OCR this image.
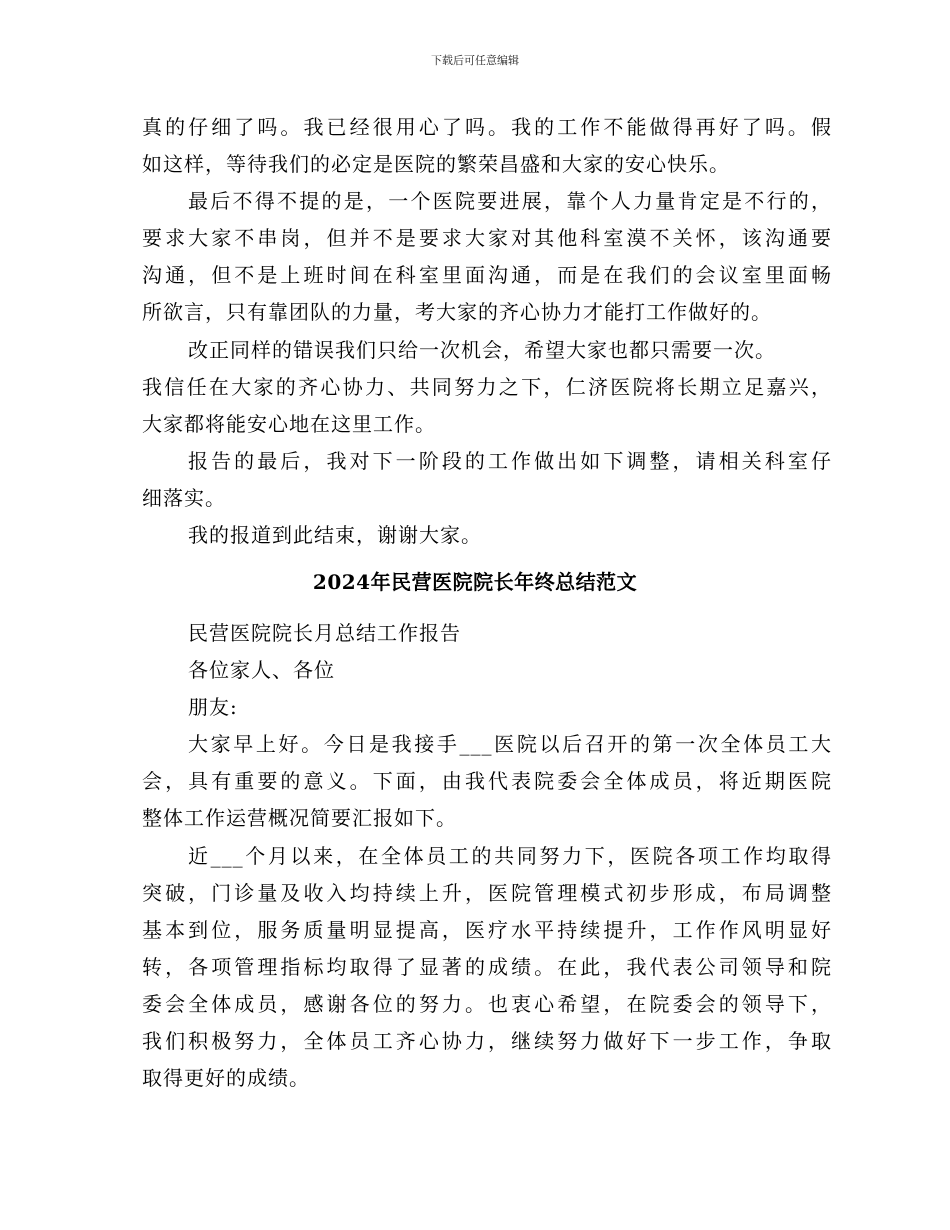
下载后可任意编辑
真的仔细了吗。我已经很用心了吗。我的工作不能做得再好了吗。假
如这样，等待我们的必定是医院的繁荣昌盛和大家的安心快乐。
最后不得不提的是，一个医院要进展，靠个人力量肯定是不行的，
要求大家不串岗，但并不是要求大家对其他科室漠不关怀，该沟通要
沟通，但不是上班时间在科室里面沟通，而是在我们的会议室里面畅
所欲言，只有靠团队的力量，考大家的齐心协力才能打工作做好的。
改正同样的错误我们只给一次机会，希望大家也都只需要一次。
我信任在大家的齐心协力、共同努力之下，仁济医院将长期立足嘉兴，
大家都将能安心地在这里工作。
报告的最后，我对下一阶段的工作做出如下调整，请相关科室仔
细落实。
我的报道到此结束，谢谢大家。
2024年民营医院院长年终总结范文
民营医院院长月总结工作报告
各位家人、各位
朋友:
大家早上好。今日是我接手___医院以后召开的第一次全体员工大
会，具有重要的意义。下面，由我代表院委会全体成员，将近期医院
整体工作运营概况简要汇报如下。
近___个月以来，在全体员工的共同努力下，医院各项工作均取得
突破，门诊量及收入均持续上升，医院管理模式初步形成，布局调整
基本到位，服务质量明显提高，医疗水平持续提升，工作作风明显好
转，各项管理指标均取得了显著的成绩。在此，我代表公司领导和院
委会全体成员，感谢各位的努力。也衷心希望，在院委会的领导下，
我们积极努力，全体员工齐心协力，继续努力做好下一步工作，争取
取得更好的成绩。
